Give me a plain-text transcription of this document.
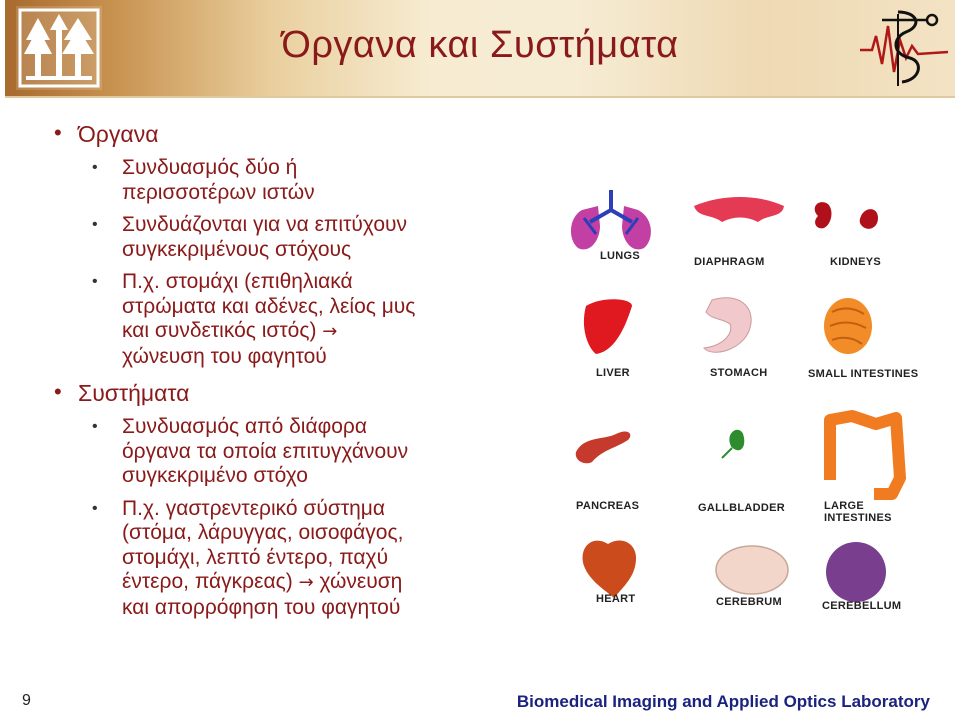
Όργανα και Συστήματα
• Όργανα
• Συνδυασμός δύο ή
περισσοτέρων ιστών
• Συνδυάζονται για να επιτύχουν
συγκεκριμένους στόχους
• Π.χ. στομάχι (επιθηλιακά
στρώματα και αδένες, λείος μυς
και συνδετικός ιστός) →
χώνευση του φαγητού
• Συστήματα
• Συνδυασμός από διάφορα
όργανα τα οποία επιτυγχάνουν
συγκεκριμένο στόχο
• Π.χ. γαστρεντερικό σύστημα
(στόμα, λάρυγγας, οισοφάγος,
στομάχι, λεπτό έντερο, παχύ
έντερο, πάγκρεας) → χώνευση
και απορρόφηση του φαγητού
LUNGS	DIAPHRAGM	KIDNEYS
LIVER	STOMACH	SMALL INTESTINES
PANCREAS	GALLBLADDER	LARGE
INTESTINES
HEART	CEREBRUM	CEREBELLUM
9	Biomedical Imaging and Applied Optics Laboratory
